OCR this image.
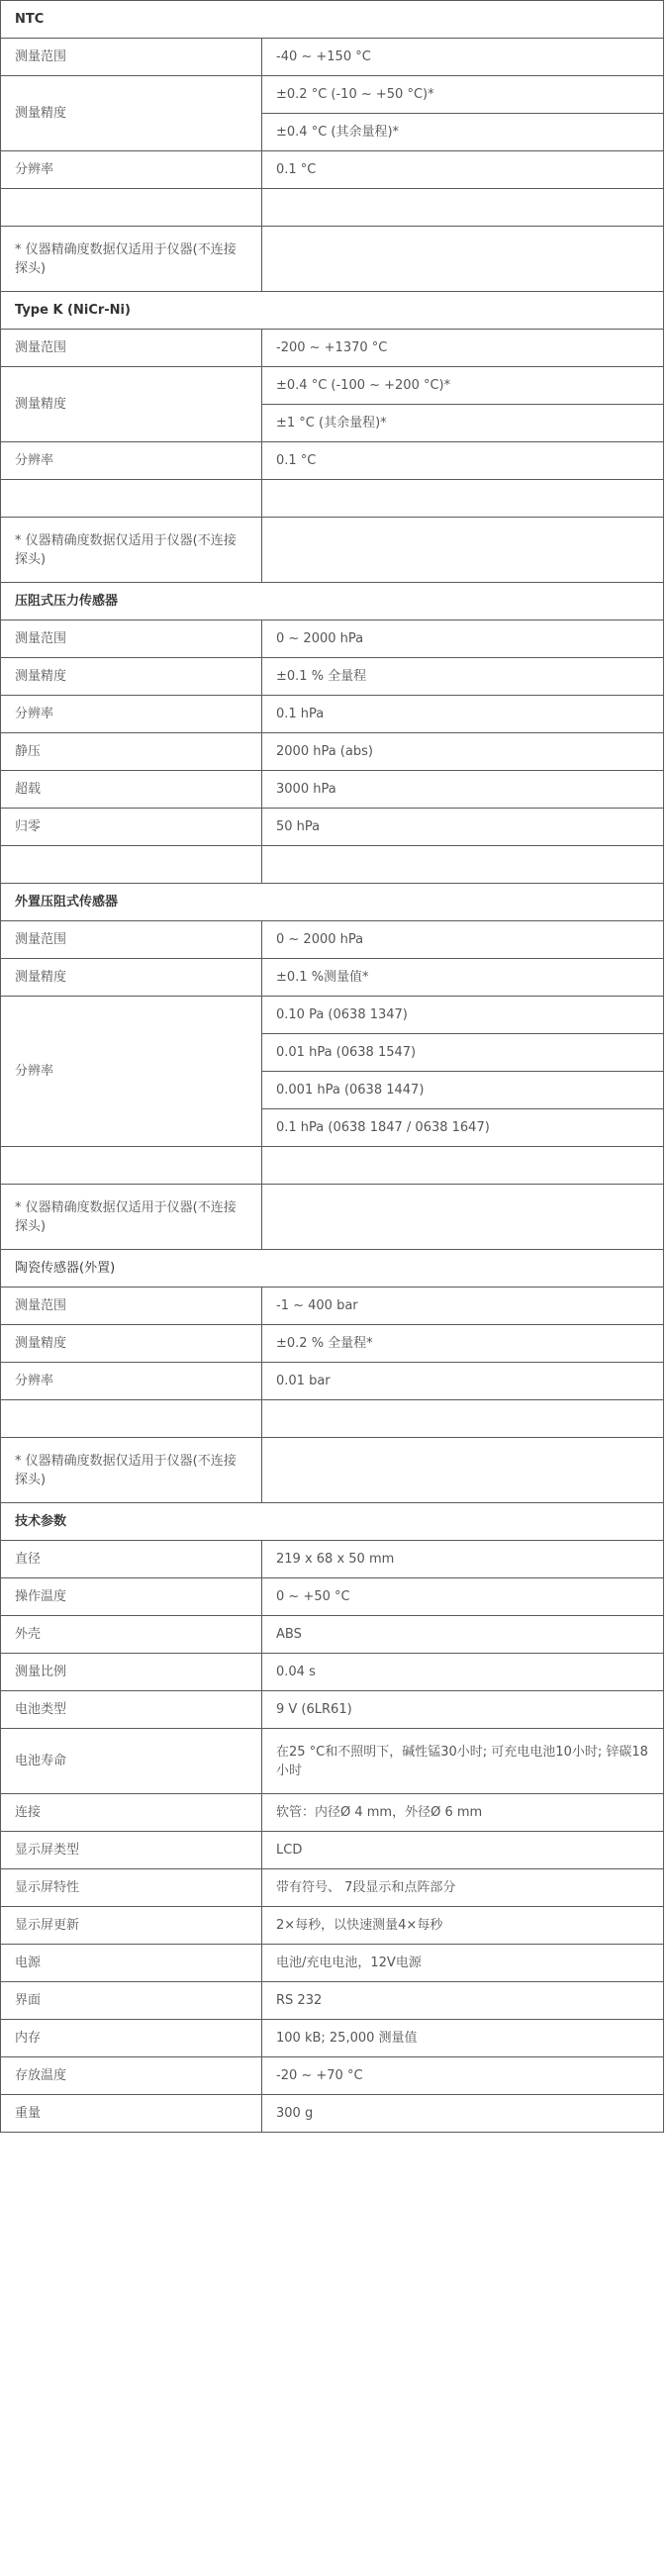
NTC	
测量范围	-40 ~ +150 °C
测量精度	±0.2 °C (-10 ~ +50 °C)*
	±0.4 °C (其余量程)*
分辨率	0.1 °C

* 仪器精确度数据仅适用于仪器(不连接探头)	
Type K (NiCr-Ni)	
测量范围	-200 ~ +1370 °C
测量精度	±0.4 °C (-100 ~ +200 °C)*
	±1 °C (其余量程)*
分辨率	0.1 °C

* 仪器精确度数据仅适用于仪器(不连接探头)	
压阻式压力传感器	
测量范围	0 ~ 2000 hPa
测量精度	±0.1 % 全量程
分辨率	0.1 hPa
静压	2000 hPa (abs)
超载	3000 hPa
归零	50 hPa

外置压阻式传感器	
测量范围	0 ~ 2000 hPa
测量精度	±0.1 %测量值*
分辨率	0.10 Pa (0638 1347)
	0.01 hPa (0638 1547)
	0.001 hPa (0638 1447)
	0.1 hPa (0638 1847 / 0638 1647)

* 仪器精确度数据仅适用于仪器(不连接探头)	
陶瓷传感器(外置)	
测量范围	-1 ~ 400 bar
测量精度	±0.2 % 全量程*
分辨率	0.01 bar

* 仪器精确度数据仅适用于仪器(不连接探头)	
技术参数	
直径	219 x 68 x 50 mm
操作温度	0 ~ +50 °C
外壳	ABS
测量比例	0.04 s
电池类型	9 V (6LR61)
电池寿命	在25 °C和不照明下，碱性锰30小时; 可充电电池10小时; 锌碳18小时
连接	软管：内径Ø 4 mm，外径Ø 6 mm
显示屏类型	LCD
显示屏特性	带有符号、 7段显示和点阵部分
显示屏更新	2×每秒，以快速测量4×每秒
电源	电池/充电电池，12V电源
界面	RS 232
内存	100 kB; 25,000 测量值
存放温度	-20 ~ +70 °C
重量	300 g
